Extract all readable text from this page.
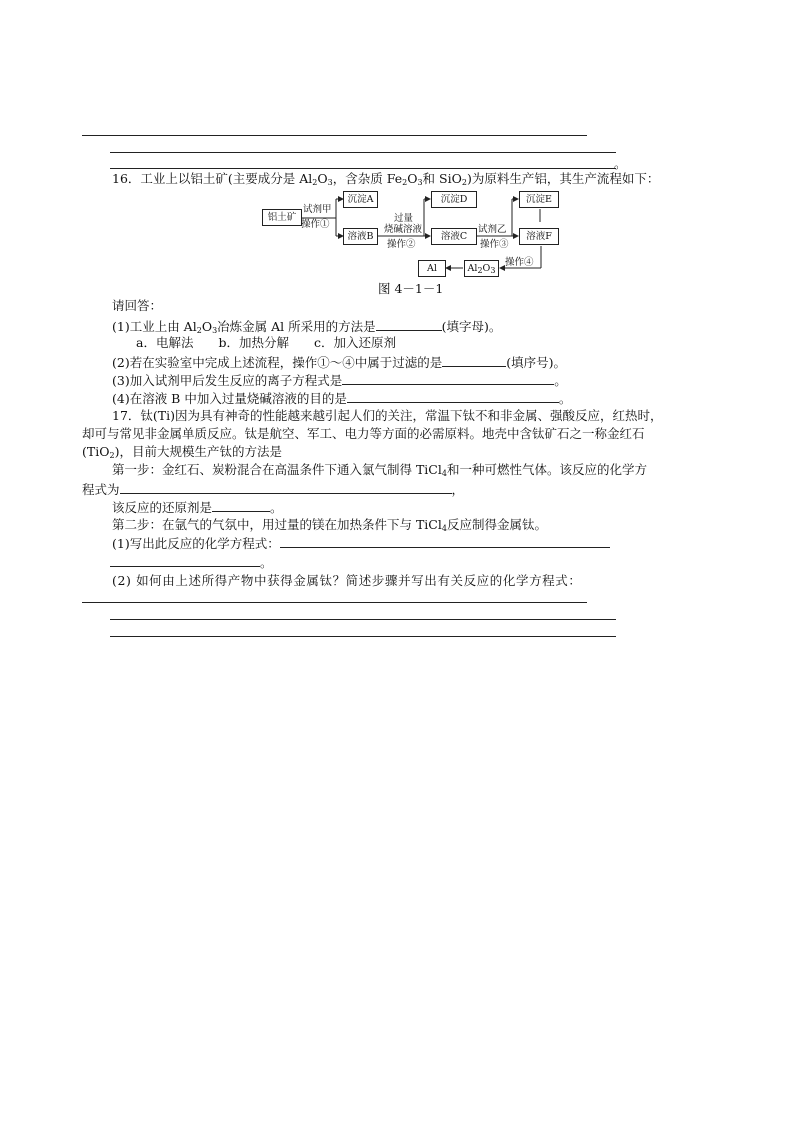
。
16．工业上以铝土矿(主要成分是 $Al_2O_3$，含杂质 $Fe_2O_3$和 SiO$_2$)为原料生产铝，其生产流程如下：
铝土矿
试剂甲
操作①
沉淀A
溶液B
过量
烧碱溶液
操作②
沉淀D
溶液C
试剂乙
操作③
沉淀E
溶液F
操作④
Al	$Al_2O_3$
图 4－1－1
请回答：
(1)工业上由 $Al_2O_3$冶炼金属 Al 所采用的方法是	(填字母)。
a．电解法　　b．加热分解　　c．加入还原剂
(2)若在实验室中完成上述流程，操作①～④中属于过滤的是	(填序号)。
(3)加入试剂甲后发生反应的离子方程式是	。
(4)在溶液 B 中加入过量烧碱溶液的目的是	。
17．钛(Ti)因为具有神奇的性能越来越引起人们的关注，常温下钛不和非金属、强酸反应，红热时，
却可与常见非金属单质反应。钛是航空、军工、电力等方面的必需原料。地壳中含钛矿石之一称金红石
(TiO$_2$)，目前大规模生产钛的方法是
第一步：金红石、炭粉混合在高温条件下通入氯气制得 TiCl$_4$和一种可燃性气体。该反应的化学方
程式为	，
该反应的还原剂是	。
第二步：在氩气的气氛中，用过量的镁在加热条件下与 TiCl$_4$反应制得金属钛。
(1)写出此反应的化学方程式：
。
(2) 如何由上述所得产物中获得金属钛？简述步骤并写出有关反应的化学方程式：
